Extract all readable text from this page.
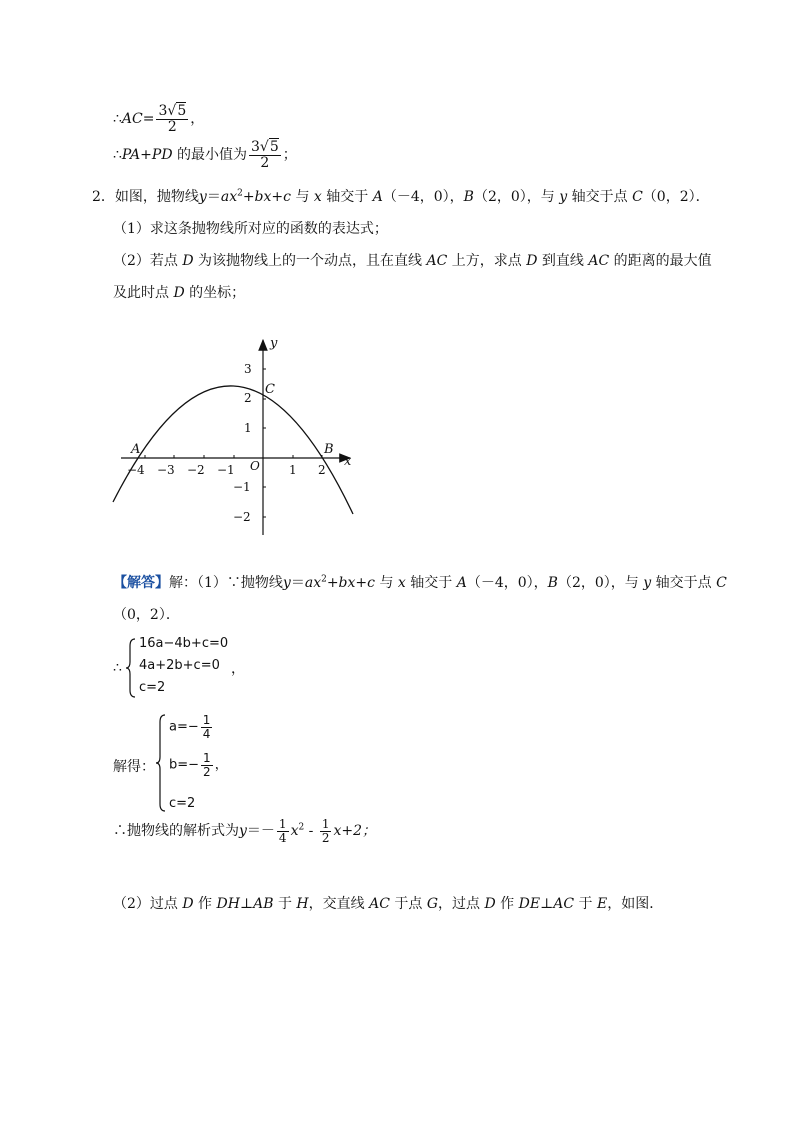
∴AC= $\frac{3√5}{2}$ ，
∴PA+PD 的最小值为 $\frac{3√5}{2}$ ；
2．如图，抛物线$y=ax^2+bx+c$ 与 x 轴交于 A（－4，0），B（2，0），与 y 轴交于点 C（0，2）．
（1）求这条抛物线所对应的函数的表达式；
（2）若点 D 为该抛物线上的一个动点，且在直线 AC 上方，求点 D 到直线 AC 的距离的最大值
及此时点 D 的坐标；
−4 −3 −2 −1	1 2
3
2
1
−1
−2
O	x
y
A	B
C
【解答】解：（1）∵抛物线$y=ax^2+bx+c$ 与 x 轴交于 A（－4，0），B（2，0），与 y 轴交于点 C
（0，2）．
∴
16a−4b+c=0
4a+2b+c=0 ，
c=2
解得：
$a=- \frac{1}{4}$
$b=- \frac{1}{2}$ ，
c=2
∴抛物线的解析式为$y=- \frac{1}{4} x^2 - \frac{1}{2} x+2$；
（2）过点 D 作 DH⊥AB 于 H，交直线 AC 于点 G，过点 D 作 DE⊥AC 于 E，如图．
